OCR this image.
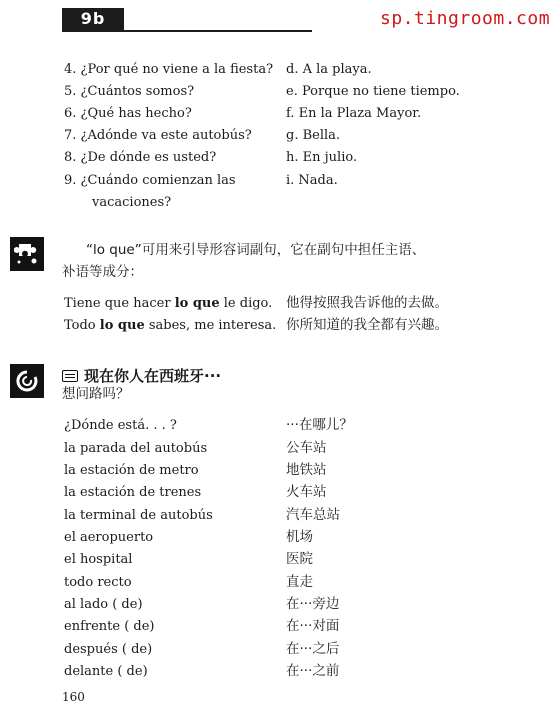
9b	sp.tingroom.com
4. ¿Por qué no viene a la fiesta? d. A la playa.
5. ¿Cuántos somos?	e. Porque no tiene tiempo.
6. ¿Qué has hecho?	f. En la Plaza Mayor.
7. ¿Adónde va este autobús?	g. Bella.
8. ¿De dónde es usted?	h. En julio.
9. ¿Cuándo comienzan las	i. Nada.
vacaciones?
“lo que”可用来引导形容词副句，它在副句中担任主语、
补语等成分：
Tiene que hacer lo que le digo. 他得按照我告诉他的去做。
Todo lo que sabes, me interesa. 你所知道的我全都有兴趣。
现在你人在西班牙···
想问路吗？
¿Dónde está. . . ?	···在哪儿？
la parada del autobús	公车站
la estación de metro	地铁站
la estación de trenes	火车站
la terminal de autobús	汽车总站
el aeropuerto	机场
el hospital	医院
todo recto	直走
al lado ( de)	在···旁边
enfrente ( de)	在···对面
después ( de)	在···之后
delante ( de)	在···之前
160
